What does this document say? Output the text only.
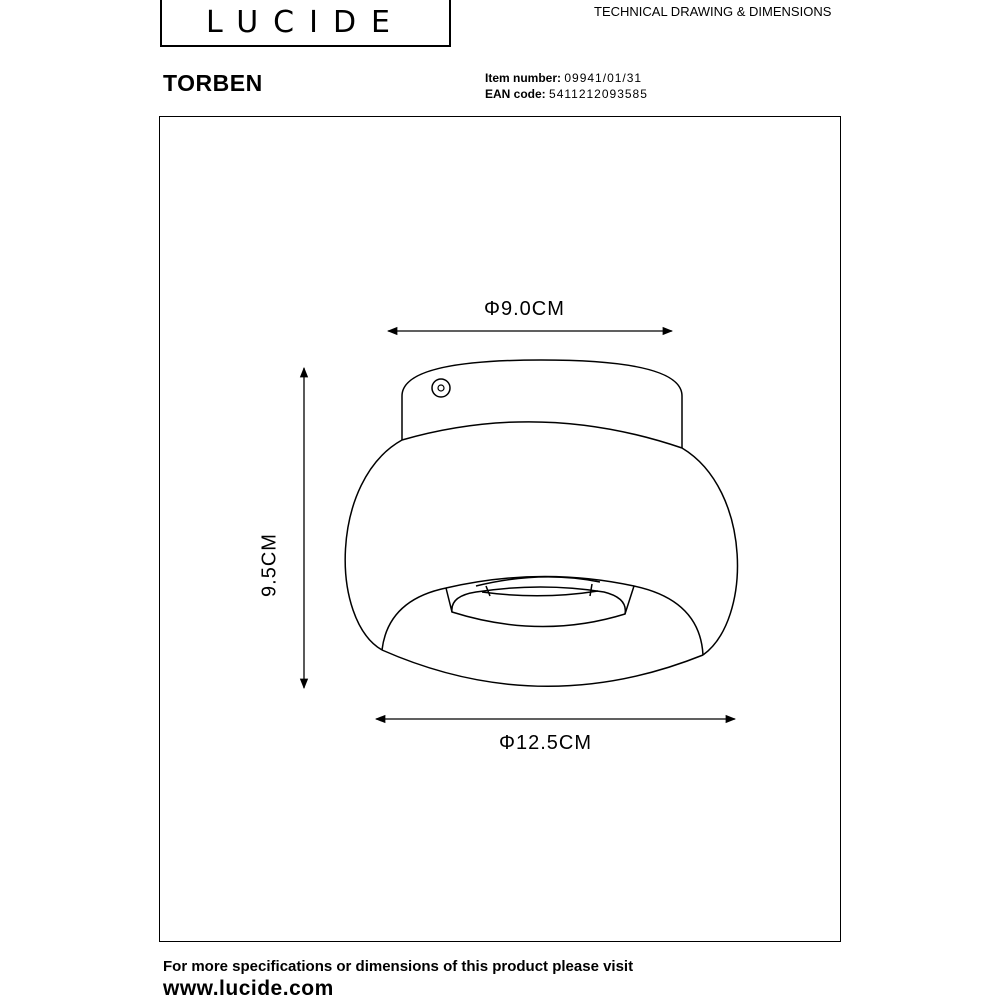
LUCIDE	TECHNICAL DRAWING & DIMENSIONS
TORBEN	Item number: 09941/01/31
EAN code: 5411212093585
Φ9.0CM
9.5CM
Φ12.5CM
For more specifications or dimensions of this product please visit
www.lucide.com
